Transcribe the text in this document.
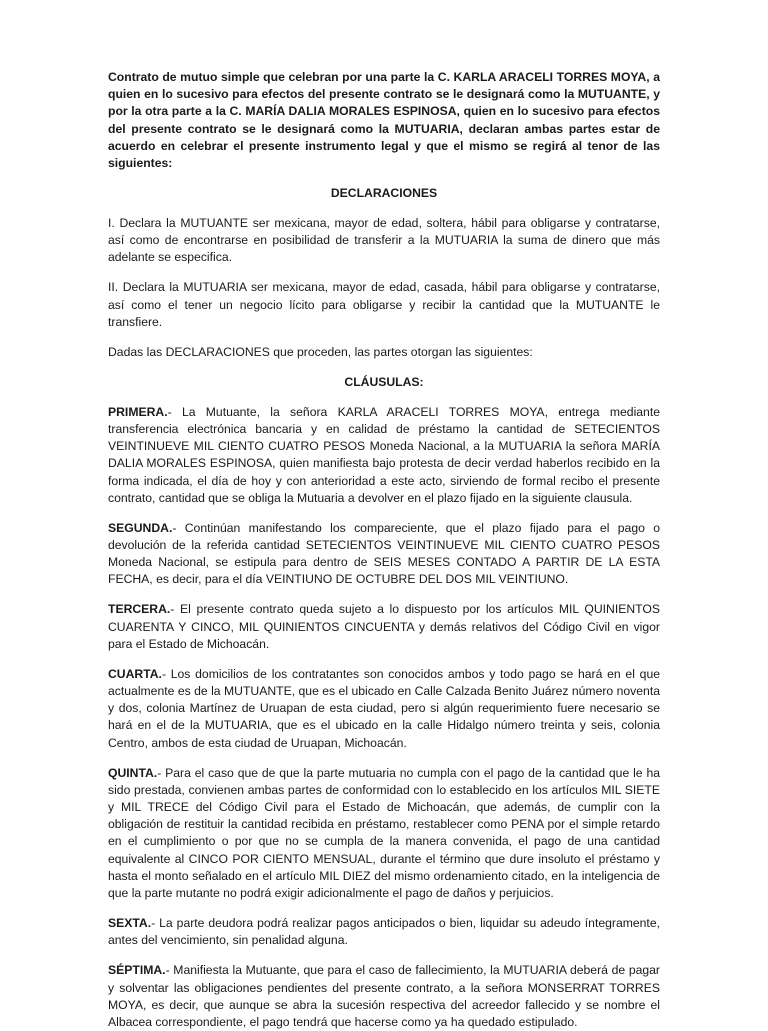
Contrato de mutuo simple que celebran por una parte la C. KARLA ARACELI TORRES MOYA, a quien en lo sucesivo para efectos del presente contrato se le designará como la MUTUANTE, y por la otra parte a la C. MARÍA DALIA MORALES ESPINOSA, quien en lo sucesivo para efectos del presente contrato se le designará como la MUTUARIA, declaran ambas partes estar de acuerdo en celebrar el presente instrumento legal y que el mismo se regirá al tenor de las siguientes:

DECLARACIONES

I. Declara la MUTUANTE ser mexicana, mayor de edad, soltera, hábil para obligarse y contratarse, así como de encontrarse en posibilidad de transferir a la MUTUARIA la suma de dinero que más adelante se especifica.

II. Declara la MUTUARIA ser mexicana, mayor de edad, casada, hábil para obligarse y contratarse, así como el tener un negocio lícito para obligarse y recibir la cantidad que la MUTUANTE le transfiere.

Dadas las DECLARACIONES que proceden, las partes otorgan las siguientes:

CLÁUSULAS:

PRIMERA.- La Mutuante, la señora KARLA ARACELI TORRES MOYA, entrega mediante transferencia electrónica bancaria y en calidad de préstamo la cantidad de SETECIENTOS VEINTINUEVE MIL CIENTO CUATRO PESOS Moneda Nacional, a la MUTUARIA la señora MARÍA DALIA MORALES ESPINOSA, quien manifiesta bajo protesta de decir verdad haberlos recibido en la forma indicada, el día de hoy y con anterioridad a este acto, sirviendo de formal recibo el presente contrato, cantidad que se obliga la Mutuaria a devolver en el plazo fijado en la siguiente clausula.

SEGUNDA.- Continúan manifestando los compareciente, que el plazo fijado para el pago o devolución de la referida cantidad SETECIENTOS VEINTINUEVE MIL CIENTO CUATRO PESOS Moneda Nacional, se estipula para dentro de SEIS MESES CONTADO A PARTIR DE LA ESTA FECHA, es decir, para el día VEINTIUNO DE OCTUBRE DEL DOS MIL VEINTIUNO.

TERCERA.- El presente contrato queda sujeto a lo dispuesto por los artículos MIL QUINIENTOS CUARENTA Y CINCO, MIL QUINIENTOS CINCUENTA y demás relativos del Código Civil en vigor para el Estado de Michoacán.

CUARTA.- Los domicilios de los contratantes son conocidos ambos y todo pago se hará en el que actualmente es de la MUTUANTE, que es el ubicado en Calle Calzada Benito Juárez número noventa y dos, colonia Martínez de Uruapan de esta ciudad, pero si algún requerimiento fuere necesario se hará en el de la MUTUARIA, que es el ubicado en la calle Hidalgo número treinta y seis, colonia Centro, ambos de esta ciudad de Uruapan, Michoacán.

QUINTA.- Para el caso que de que la parte mutuaria no cumpla con el pago de la cantidad que le ha sido prestada, convienen ambas partes de conformidad con lo establecido en los artículos MIL SIETE y MIL TRECE del Código Civil para el Estado de Michoacán, que además, de cumplir con la obligación de restituir la cantidad recibida en préstamo, restablecer como PENA por el simple retardo en el cumplimiento o por que no se cumpla de la manera convenida, el pago de una cantidad equivalente al CINCO POR CIENTO MENSUAL, durante el término que dure insoluto el préstamo y hasta el monto señalado en el artículo MIL DIEZ del mismo ordenamiento citado, en la inteligencia de que la parte mutante no podrá exigir adicionalmente el pago de daños y perjuicios.

SEXTA.- La parte deudora podrá realizar pagos anticipados o bien, liquidar su adeudo íntegramente, antes del vencimiento, sin penalidad alguna.

SÉPTIMA.- Manifiesta la Mutuante, que para el caso de fallecimiento, la MUTUARIA deberá de pagar y solventar las obligaciones pendientes del presente contrato, a la señora MONSERRAT TORRES MOYA, es decir, que aunque se abra la sucesión respectiva del acreedor fallecido y se nombre el Albacea correspondiente, el pago tendrá que hacerse como ya ha quedado estipulado.
